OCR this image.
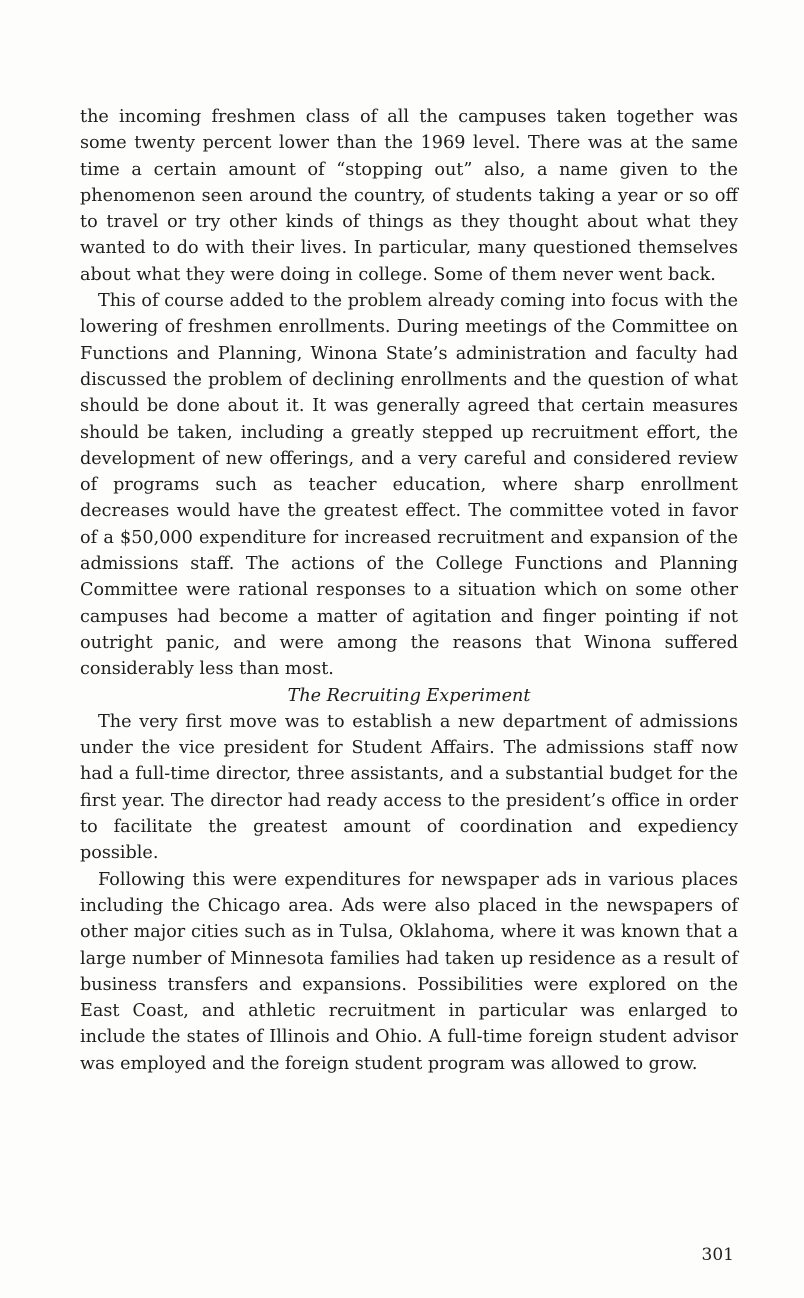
the incoming freshmen class of all the campuses taken together was some twenty percent lower than the 1969 level. There was at the same time a certain amount of “stopping out” also, a name given to the phenomenon seen around the country, of students taking a year or so off to travel or try other kinds of things as they thought about what they wanted to do with their lives. In particular, many questioned themselves about what they were doing in college. Some of them never went back.

This of course added to the problem already coming into focus with the lowering of freshmen enrollments. During meetings of the Committee on Functions and Planning, Winona State’s administration and faculty had discussed the problem of declining enrollments and the question of what should be done about it. It was generally agreed that certain measures should be taken, including a greatly stepped up recruitment effort, the development of new offerings, and a very careful and considered review of programs such as teacher education, where sharp enrollment decreases would have the greatest effect. The committee voted in favor of a $50,000 expenditure for increased recruitment and expansion of the admissions staff. The actions of the College Functions and Planning Committee were rational responses to a situation which on some other campuses had become a matter of agitation and finger pointing if not outright panic, and were among the reasons that Winona suffered considerably less than most.

The Recruiting Experiment

The very first move was to establish a new department of admissions under the vice president for Student Affairs. The admissions staff now had a full-time director, three assistants, and a substantial budget for the first year. The director had ready access to the president’s office in order to facilitate the greatest amount of coordination and expediency possible.

Following this were expenditures for newspaper ads in various places including the Chicago area. Ads were also placed in the newspapers of other major cities such as in Tulsa, Oklahoma, where it was known that a large number of Minnesota families had taken up residence as a result of business transfers and expansions. Possibilities were explored on the East Coast, and athletic recruitment in particular was enlarged to include the states of Illinois and Ohio. A full-time foreign student advisor was employed and the foreign student program was allowed to grow.

301
